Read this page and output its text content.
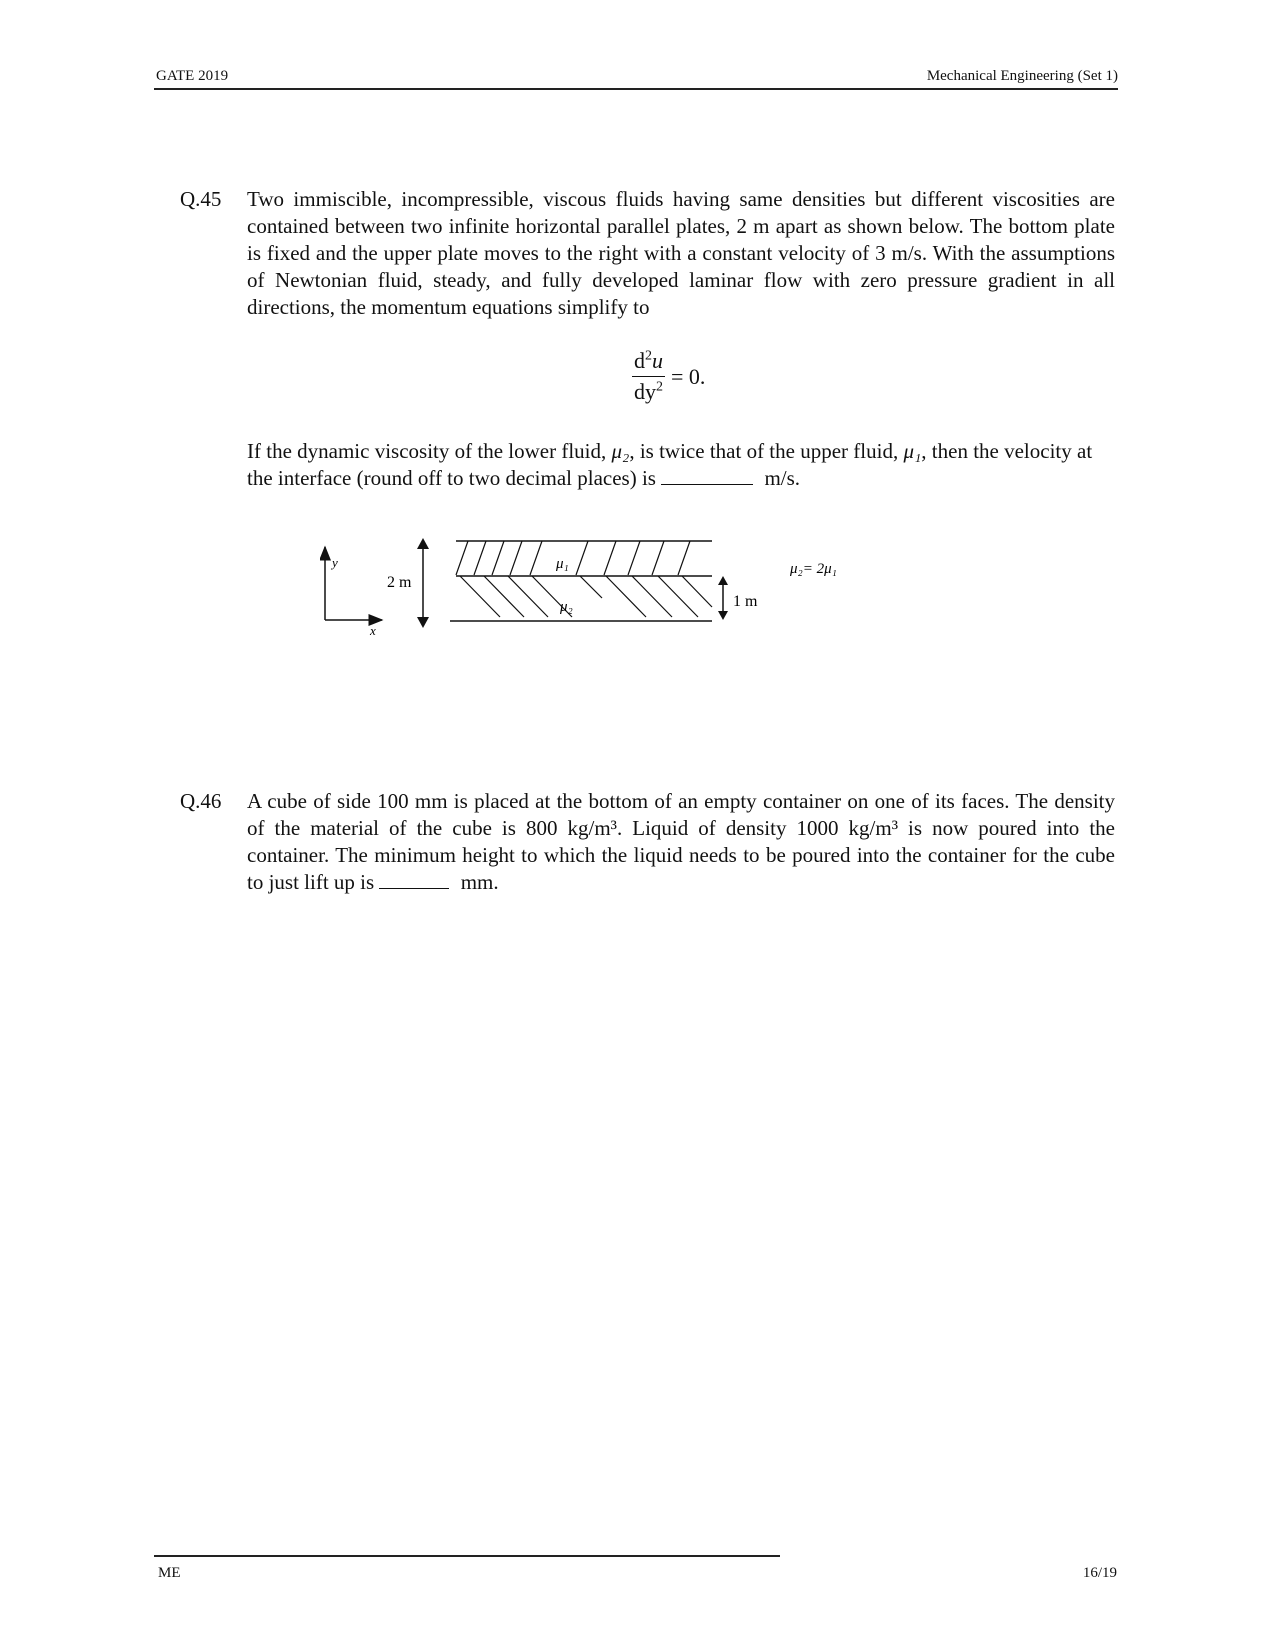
GATE 2019	Mechanical Engineering (Set 1)
Q.45	Two immiscible, incompressible, viscous fluids having same densities but different viscosities are contained between two infinite horizontal parallel plates, 2 m apart as shown below. The bottom plate is fixed and the upper plate moves to the right with a constant velocity of 3 m/s. With the assumptions of Newtonian fluid, steady, and fully developed laminar flow with zero pressure gradient in all directions, the momentum equations simplify to
$\frac{d^2u}{dy^2} = 0$.
If the dynamic viscosity of the lower fluid, μ₂, is twice that of the upper fluid, μ₁, then the velocity at the interface (round off to two decimal places) is	m/s.
y
x
2 m
μ₁
μ₂	1 m
μ₂= 2μ₁
Q.46	A cube of side 100 mm is placed at the bottom of an empty container on one of its faces. The density of the material of the cube is 800 kg/m³. Liquid of density 1000 kg/m³ is now poured into the container. The minimum height to which the liquid needs to be poured into the container for the cube to just lift up is	mm.
ME	16/19
